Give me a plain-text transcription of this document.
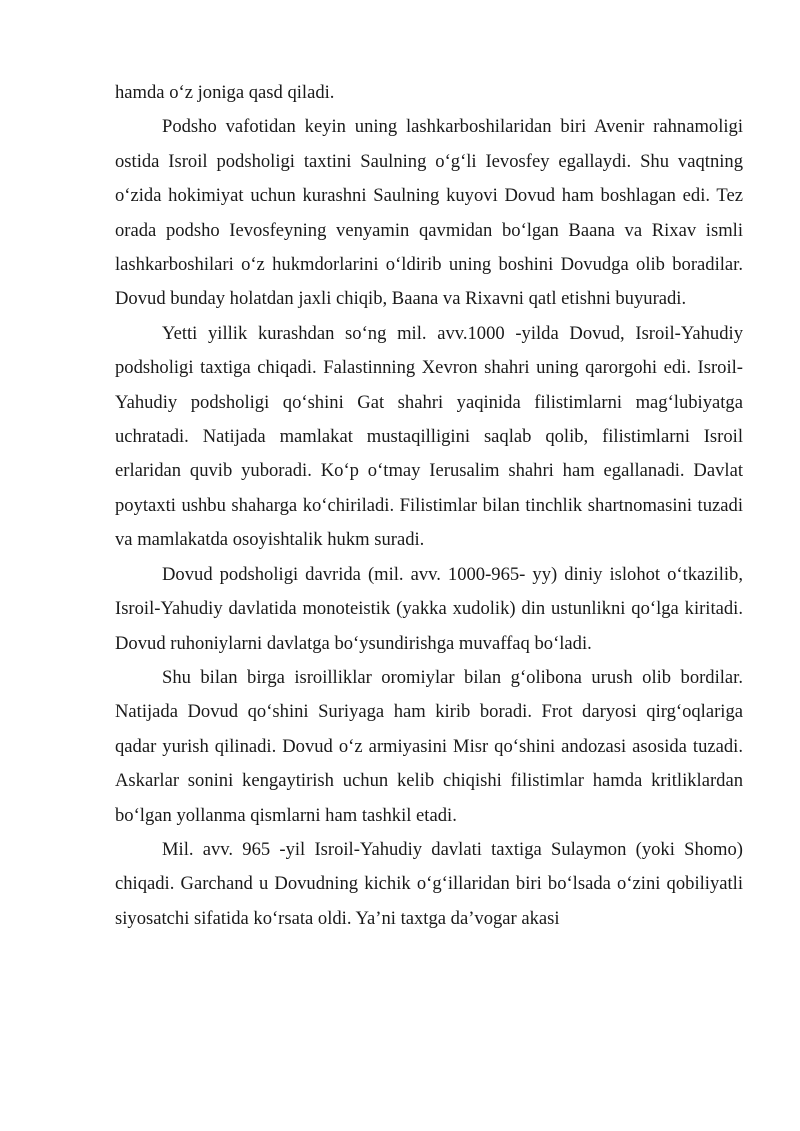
hamda o‘z joniga qasd qiladi.

Podsho vafotidan keyin uning lashkarboshilaridan biri Avenir rahnamoligi ostida Isroil podsholigi taxtini Saulning o‘g‘li Ievosfey egallaydi. Shu vaqtning o‘zida hokimiyat uchun kurashni Saulning kuyovi Dovud ham boshlagan edi. Tez orada podsho Ievosfeyning venyamin qavmidan bo‘lgan Baana va Rixav ismli lashkarboshilari o‘z hukmdorlarini o‘ldirib uning boshini Dovudga olib boradilar. Dovud bunday holatdan jaxli chiqib, Baana va Rixavni qatl etishni buyuradi.

Yetti yillik kurashdan so‘ng mil. avv.1000 -yilda Dovud, Isroil-Yahudiy podsholigi taxtiga chiqadi. Falastinning Xevron shahri uning qarorgohi edi. Isroil- Yahudiy podsholigi qo‘shini Gat shahri yaqinida filistimlarni mag‘lubiyatga uchratadi. Natijada mamlakat mustaqilligini saqlab qolib, filistimlarni Isroil erlaridan quvib yuboradi. Ko‘p o‘tmay Ierusalim shahri ham egallanadi. Davlat poytaxti ushbu shaharga ko‘chiriladi. Filistimlar bilan tinchlik shartnomasini tuzadi va mamlakatda osoyishtalik hukm suradi.

Dovud podsholigi davrida (mil. avv. 1000-965- yy) diniy islohot o‘tkazilib, Isroil-Yahudiy davlatida monoteistik (yakka xudolik) din ustunlikni qo‘lga kiritadi. Dovud ruhoniylarni davlatga bo‘ysundirishga muvaffaq bo‘ladi.

Shu bilan birga isroilliklar oromiylar bilan g‘olibona urush olib bordilar. Natijada Dovud qo‘shini Suriyaga ham kirib boradi. Frot daryosi qirg‘oqlariga qadar yurish qilinadi. Dovud o‘z armiyasini Misr qo‘shini andozasi asosida tuzadi. Askarlar sonini kengaytirish uchun kelib chiqishi filistimlar hamda kritliklardan bo‘lgan yollanma qismlarni ham tashkil etadi.

Mil. avv. 965 -yil Isroil-Yahudiy davlati taxtiga Sulaymon (yoki Shomo) chiqadi. Garchand u Dovudning kichik o‘g‘illaridan biri bo‘lsada o‘zini qobiliyatli siyosatchi sifatida ko‘rsata oldi. Ya’ni taxtga da’vogar akasi
